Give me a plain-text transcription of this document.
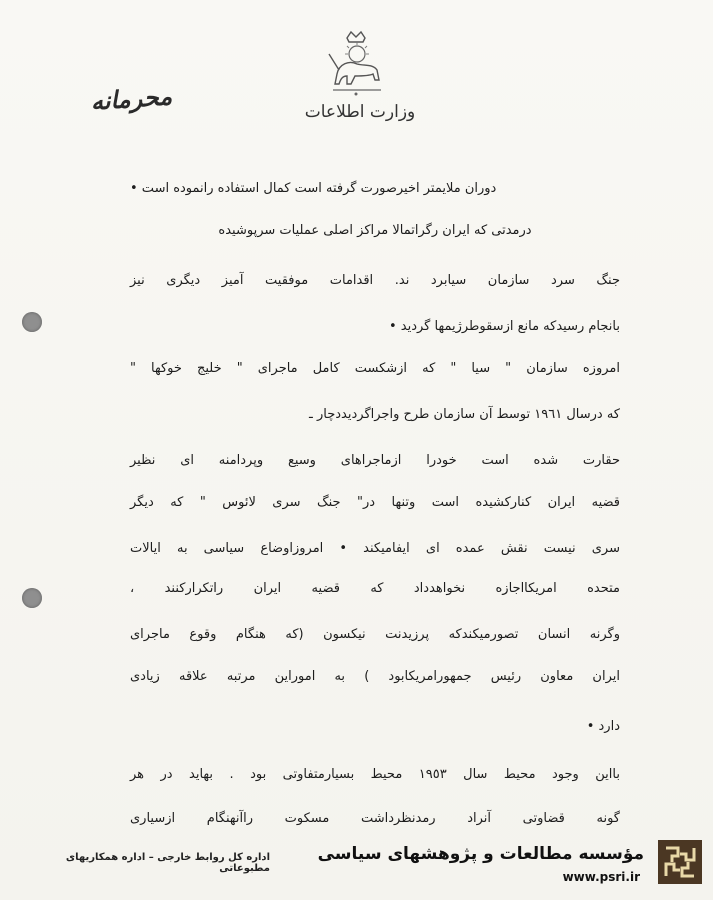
وزارت اطلاعات
محرمانه
دوران ملایمتر اخیرصورت گرفته است کمال استفاده رانموده است •
درمدتی که ایران رگراتمالا مراکز اصلی عملیات سرپوشیده
جنگ سرد سازمان سیابرد ند. اقدامات موفقیت آمیز دیگری نیز
بانجام رسیدکه مانع ازسقوطرژیمها گردید •
امروزه سازمان " سیا " که ازشکست کامل ماجرای " خلیج خوکها "
که درسال ١٩٦١ توسط آن سازمان طرح واجراگردیددچار ـ
حقارت شده است خودرا ازماجراهای وسیع وپردامنه ای نظیر
قضیه ایران کنارکشیده است وتنها در" جنگ سری لائوس " که دیگر
سری نیست نقش عمده ای ایفامیکند • امروزاوضاع سیاسی به ایالات
متحده امریکااجازه نخواهدداد که قضیه ایران راتکرارکنند ،
وگرنه انسان تصورمیکندکه پرزیدنت نیکسون (که هنگام وقوع ماجرای
ایران معاون رئیس جمهورامریکابود ) به اموراین مرتبه علاقه زیادی
دارد •
بااین وجود محیط سال ١٩٥٣ محیط بسیارمتفاوتی بود . بهاید در هر
گونه قضاوتی آنراد رمدنظرداشت مسکوت راآنهنگام ازسیاری
اداره کل روابط خارجی – اداره همکاریهای مطبوعاتی
مؤسسه مطالعات و پژوهشهای سیاسی
www.psri.ir
